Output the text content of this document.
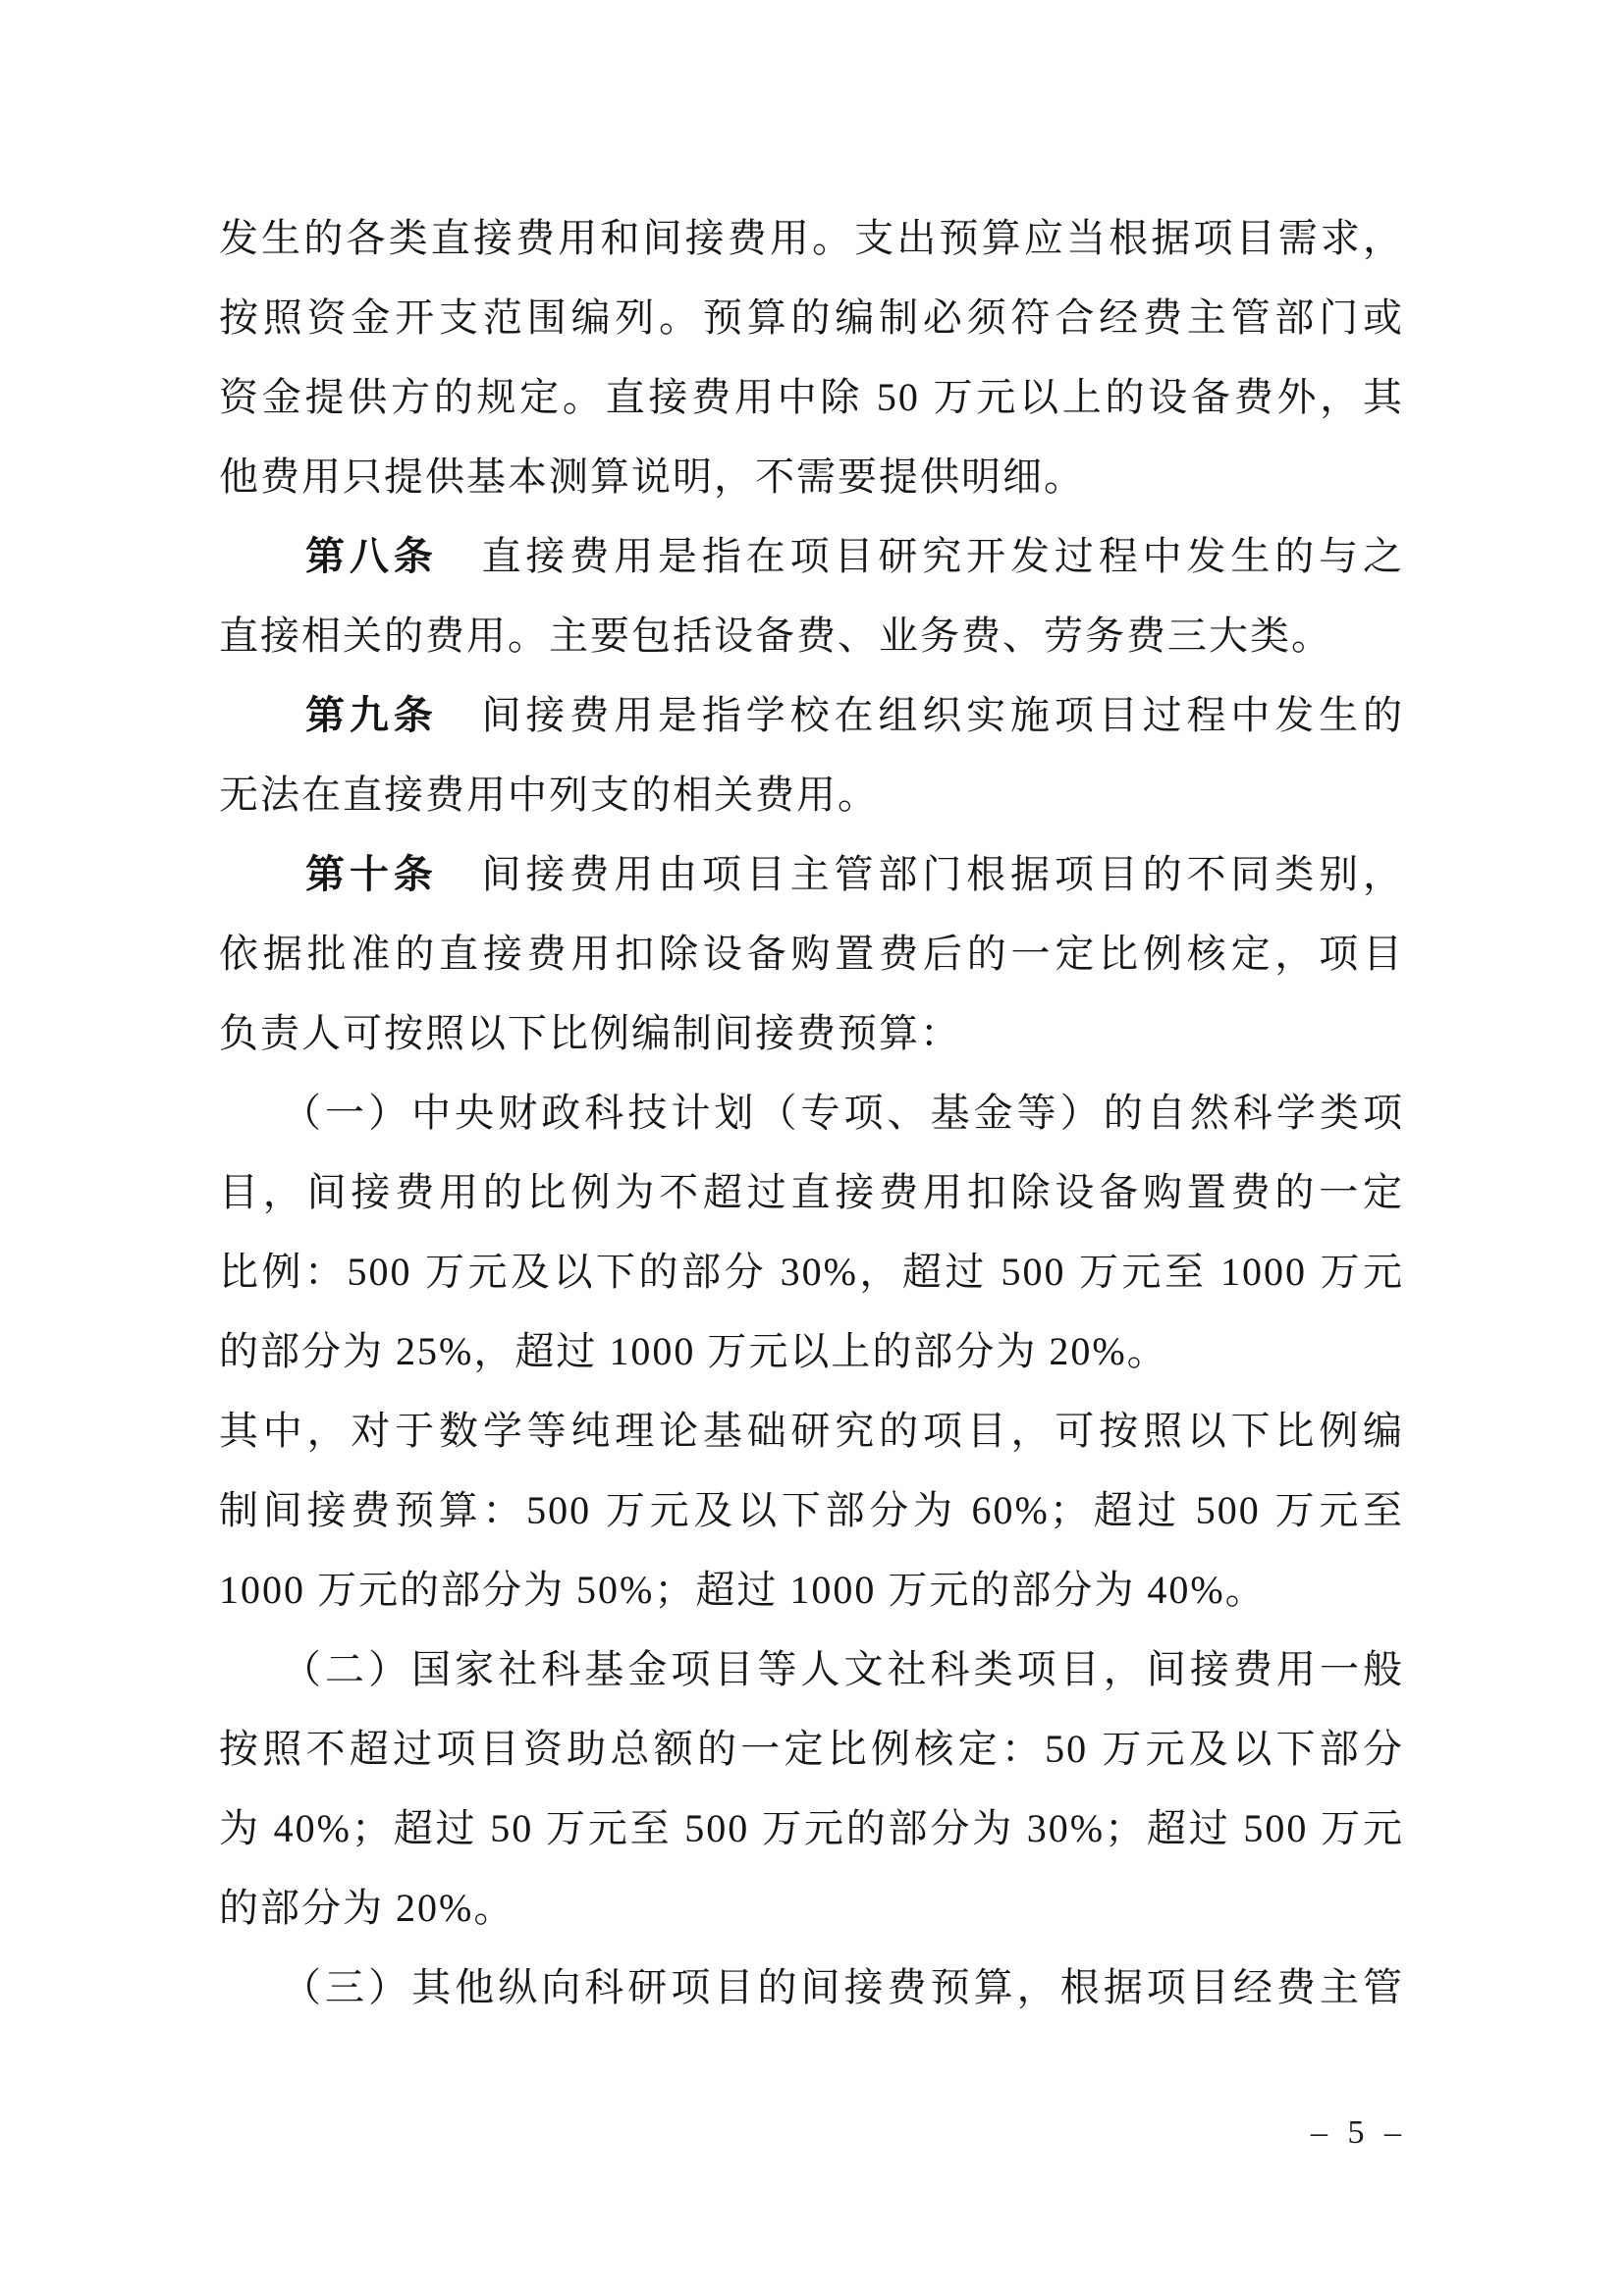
发生的各类直接费用和间接费用。支出预算应当根据项目需求，
按照资金开支范围编列。预算的编制必须符合经费主管部门或
资金提供方的规定。直接费用中除 50 万元以上的设备费外，其
他费用只提供基本测算说明，不需要提供明细。
第八条　直接费用是指在项目研究开发过程中发生的与之
直接相关的费用。主要包括设备费、业务费、劳务费三大类。
第九条　间接费用是指学校在组织实施项目过程中发生的
无法在直接费用中列支的相关费用。
第十条　间接费用由项目主管部门根据项目的不同类别，
依据批准的直接费用扣除设备购置费后的一定比例核定，项目
负责人可按照以下比例编制间接费预算：
（一）中央财政科技计划（专项、基金等）的自然科学类项
目，间接费用的比例为不超过直接费用扣除设备购置费的一定
比例：500 万元及以下的部分 30%，超过 500 万元至 1000 万元
的部分为 25%，超过 1000 万元以上的部分为 20%。
其中，对于数学等纯理论基础研究的项目，可按照以下比例编
制间接费预算：500 万元及以下部分为 60%；超过 500 万元至
1000 万元的部分为 50%；超过 1000 万元的部分为 40%。
（二）国家社科基金项目等人文社科类项目，间接费用一般
按照不超过项目资助总额的一定比例核定：50 万元及以下部分
为 40%；超过 50 万元至 500 万元的部分为 30%；超过 500 万元
的部分为 20%。
（三）其他纵向科研项目的间接费预算，根据项目经费主管
– 5 –
